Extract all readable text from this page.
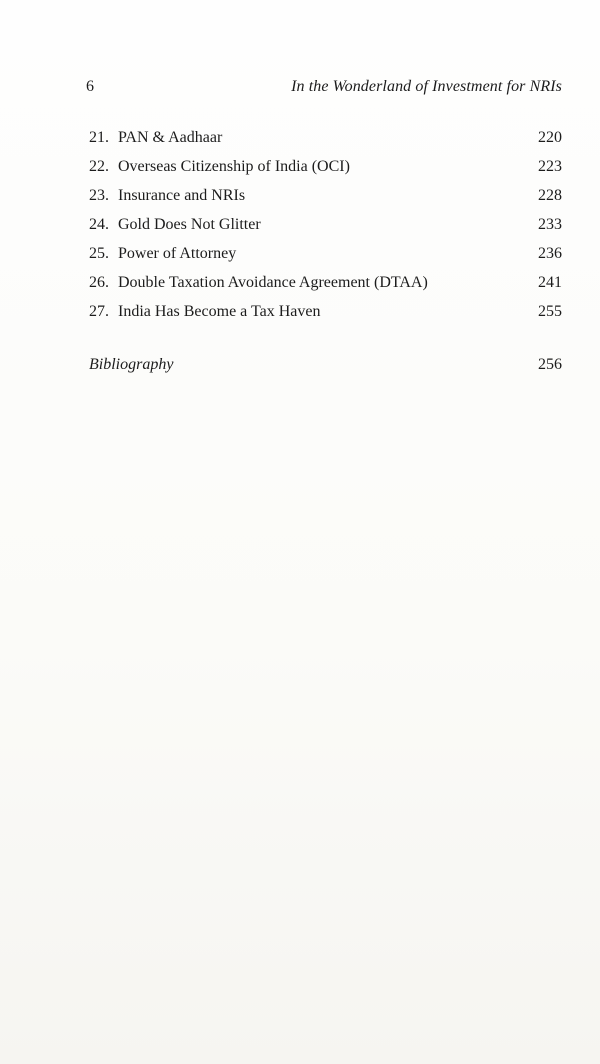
6	In the Wonderland of Investment for NRIs
21. PAN & Aadhaar	220
22. Overseas Citizenship of India (OCI)	223
23. Insurance and NRIs	228
24. Gold Does Not Glitter	233
25. Power of Attorney	236
26. Double Taxation Avoidance Agreement (DTAA)	241
27. India Has Become a Tax Haven	255
Bibliography	256
